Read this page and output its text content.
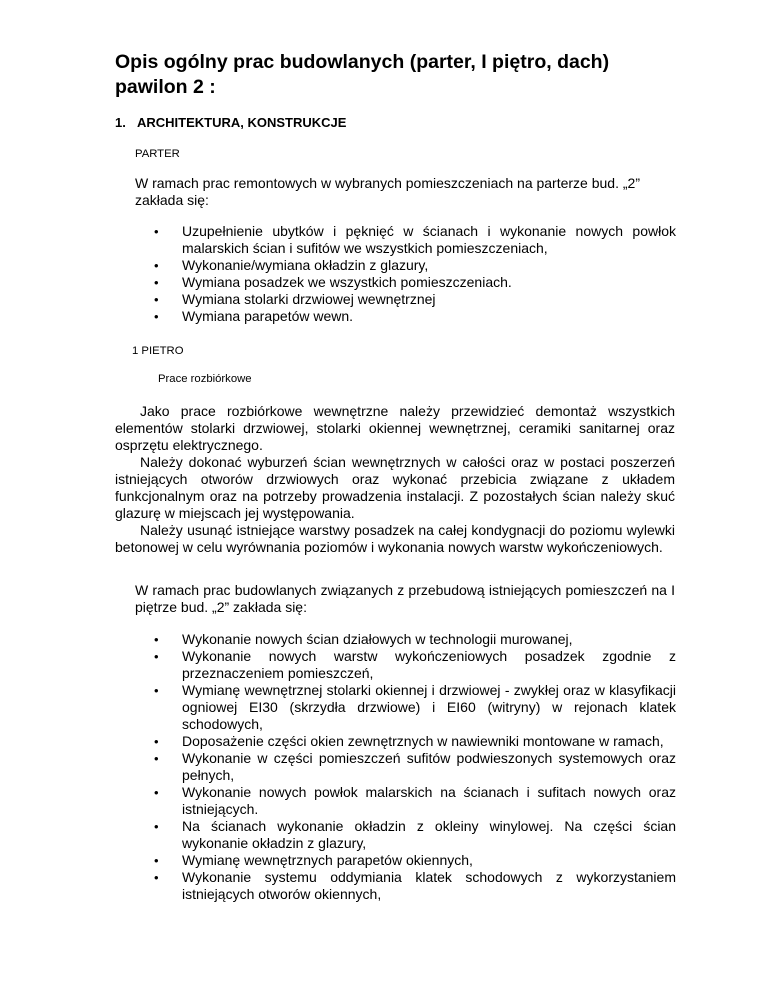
Opis ogólny prac budowlanych (parter, I piętro, dach) pawilon 2 :
1. ARCHITEKTURA, KONSTRUKCJE
PARTER

W ramach prac remontowych w wybranych pomieszczeniach na parterze bud. „2” zakłada się:

• Uzupełnienie ubytków i pęknięć w ścianach i wykonanie nowych powłok malarskich ścian i sufitów we wszystkich pomieszczeniach,
• Wykonanie/wymiana okładzin z glazury,
• Wymiana posadzek we wszystkich pomieszczeniach.
• Wymiana stolarki drzwiowej wewnętrznej
• Wymiana parapetów wewn.
1 PIETRO
Prace rozbiórkowe

Jako prace rozbiórkowe wewnętrzne należy przewidzieć demontaż wszystkich elementów stolarki drzwiowej, stolarki okiennej wewnętrznej, ceramiki sanitarnej oraz osprzętu elektrycznego.

Należy dokonać wyburzeń ścian wewnętrznych w całości oraz w postaci poszerzeń istniejących otworów drzwiowych oraz wykonać przebicia związane z układem funkcjonalnym oraz na potrzeby prowadzenia instalacji. Z pozostałych ścian należy skuć glazurę w miejscach jej występowania.

Należy usunąć istniejące warstwy posadzek na całej kondygnacji do poziomu wylewki betonowej w celu wyrównania poziomów i wykonania nowych warstw wykończeniowych.

W ramach prac budowlanych związanych z przebudową istniejących pomieszczeń na I piętrze bud. „2” zakłada się:

• Wykonanie nowych ścian działowych w technologii murowanej,
• Wykonanie nowych warstw wykończeniowych posadzek zgodnie z przeznaczeniem pomieszczeń,
• Wymianę wewnętrznej stolarki okiennej i drzwiowej - zwykłej oraz w klasyfikacji ogniowej EI30 (skrzydła drzwiowe) i EI60 (witryny) w rejonach klatek schodowych,
• Doposażenie części okien zewnętrznych w nawiewniki montowane w ramach,
• Wykonanie w części pomieszczeń sufitów podwieszonych systemowych oraz pełnych,
• Wykonanie nowych powłok malarskich na ścianach i sufitach nowych oraz istniejących.
• Na ścianach wykonanie okładzin z okleiny winylowej. Na części ścian wykonanie okładzin z glazury,
• Wymianę wewnętrznych parapetów okiennych,
• Wykonanie systemu oddymiania klatek schodowych z wykorzystaniem istniejących otworów okiennych,
